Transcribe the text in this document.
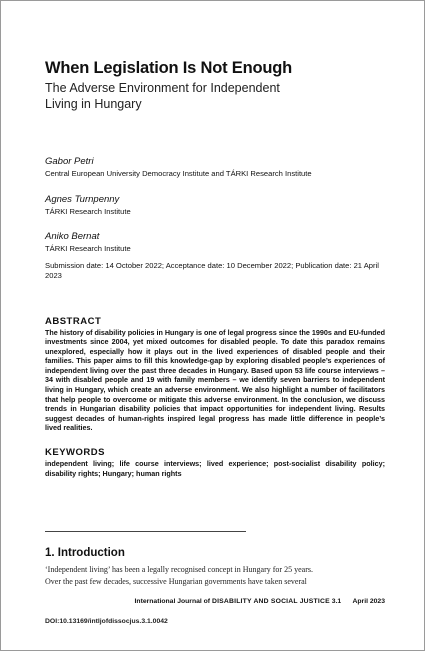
When Legislation Is Not Enough
The Adverse Environment for Independent Living in Hungary
Gabor Petri
Central European University Democracy Institute and TÁRKI Research Institute
Agnes Turnpenny
TÁRKI Research Institute
Aniko Bernat
TÁRKI Research Institute
Submission date: 14 October 2022; Acceptance date: 10 December 2022; Publication date: 21 April 2023
ABSTRACT
The history of disability policies in Hungary is one of legal progress since the 1990s and EU-funded investments since 2004, yet mixed outcomes for disabled people. To date this paradox remains unexplored, especially how it plays out in the lived experiences of disabled people and their families. This paper aims to fill this knowledge-gap by exploring disabled people’s experiences of independent living over the past three decades in Hungary. Based upon 53 life course interviews – 34 with disabled people and 19 with family members – we identify seven barriers to independent living in Hungary, which create an adverse environment. We also highlight a number of facilitators that help people to overcome or mitigate this adverse environment. In the conclusion, we discuss trends in Hungarian disability policies that impact opportunities for independent living. Results suggest decades of human-rights inspired legal progress has made little difference in people’s lived realities.
KEYWORDS
independent living; life course interviews; lived experience; post-socialist disability policy; disability rights; Hungary; human rights
1. Introduction
‘Independent living’ has been a legally recognised concept in Hungary for 25 years.
Over the past few decades, successive Hungarian governments have taken several
International Journal of DISABILITY AND SOCIAL JUSTICE 3.1 April 2023
DOI:10.13169/intljofdissocjus.3.1.0042
